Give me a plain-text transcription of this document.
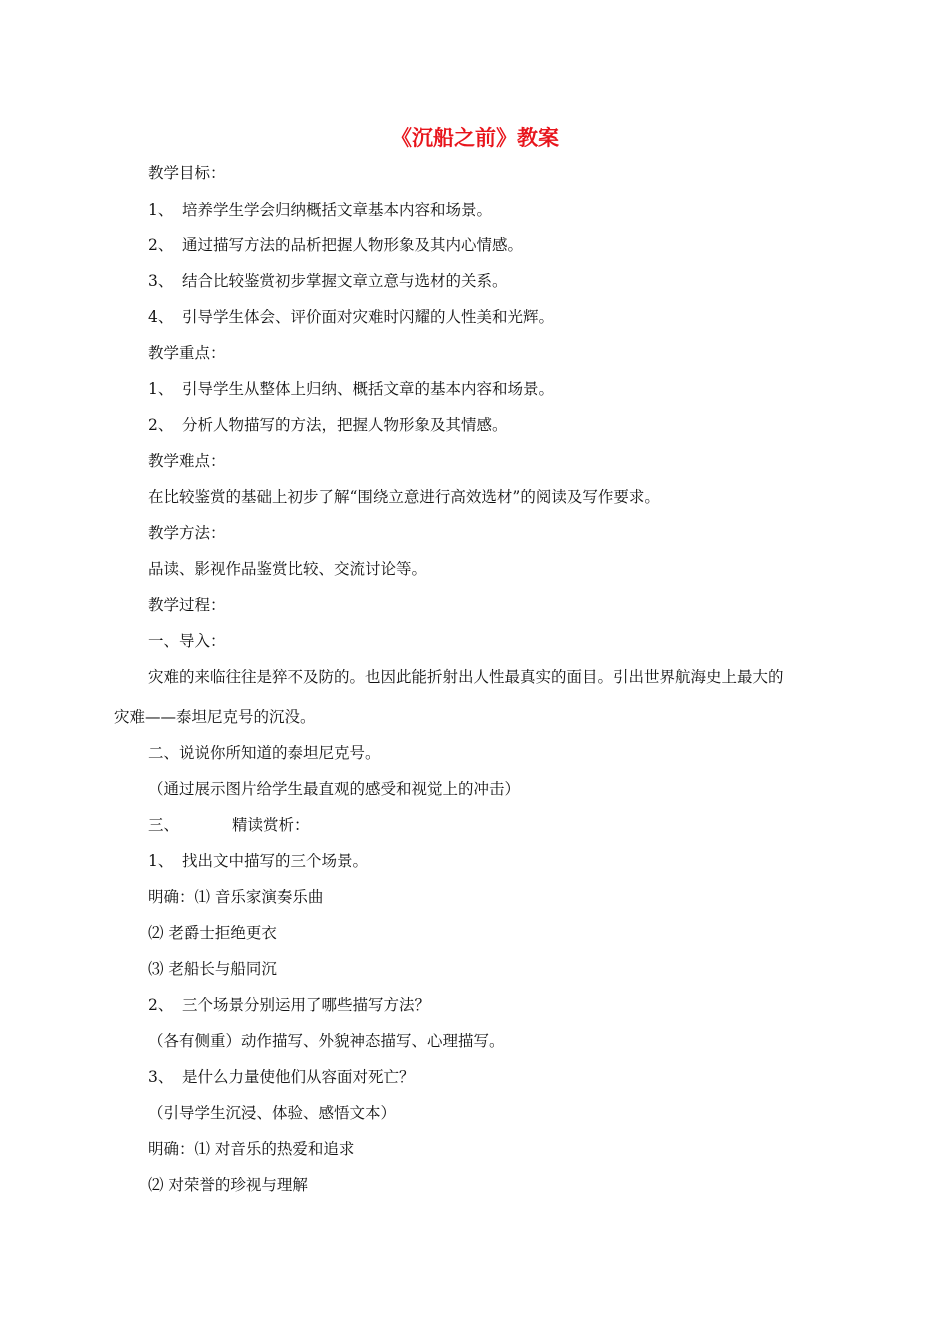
《沉船之前》教案
教学目标：
1、 培养学生学会归纳概括文章基本内容和场景。
2、 通过描写方法的品析把握人物形象及其内心情感。
3、 结合比较鉴赏初步掌握文章立意与选材的关系。
4、 引导学生体会、评价面对灾难时闪耀的人性美和光辉。
教学重点：
1、 引导学生从整体上归纳、概括文章的基本内容和场景。
2、 分析人物描写的方法，把握人物形象及其情感。
教学难点：
在比较鉴赏的基础上初步了解“围绕立意进行高效选材”的阅读及写作要求。
教学方法：
品读、影视作品鉴赏比较、交流讨论等。
教学过程：
一、导入：
灾难的来临往往是猝不及防的。也因此能折射出人性最真实的面目。引出世界航海史上最大的
灾难——泰坦尼克号的沉没。
二、说说你所知道的泰坦尼克号。
（通过展示图片给学生最直观的感受和视觉上的冲击）
三、	精读赏析：
1、 找出文中描写的三个场景。
明确：⑴ 音乐家演奏乐曲
⑵ 老爵士拒绝更衣
⑶ 老船长与船同沉
2、 三个场景分别运用了哪些描写方法？
（各有侧重）动作描写、外貌神态描写、心理描写。
3、 是什么力量使他们从容面对死亡？
（引导学生沉浸、体验、感悟文本）
明确：⑴ 对音乐的热爱和追求
⑵ 对荣誉的珍视与理解
